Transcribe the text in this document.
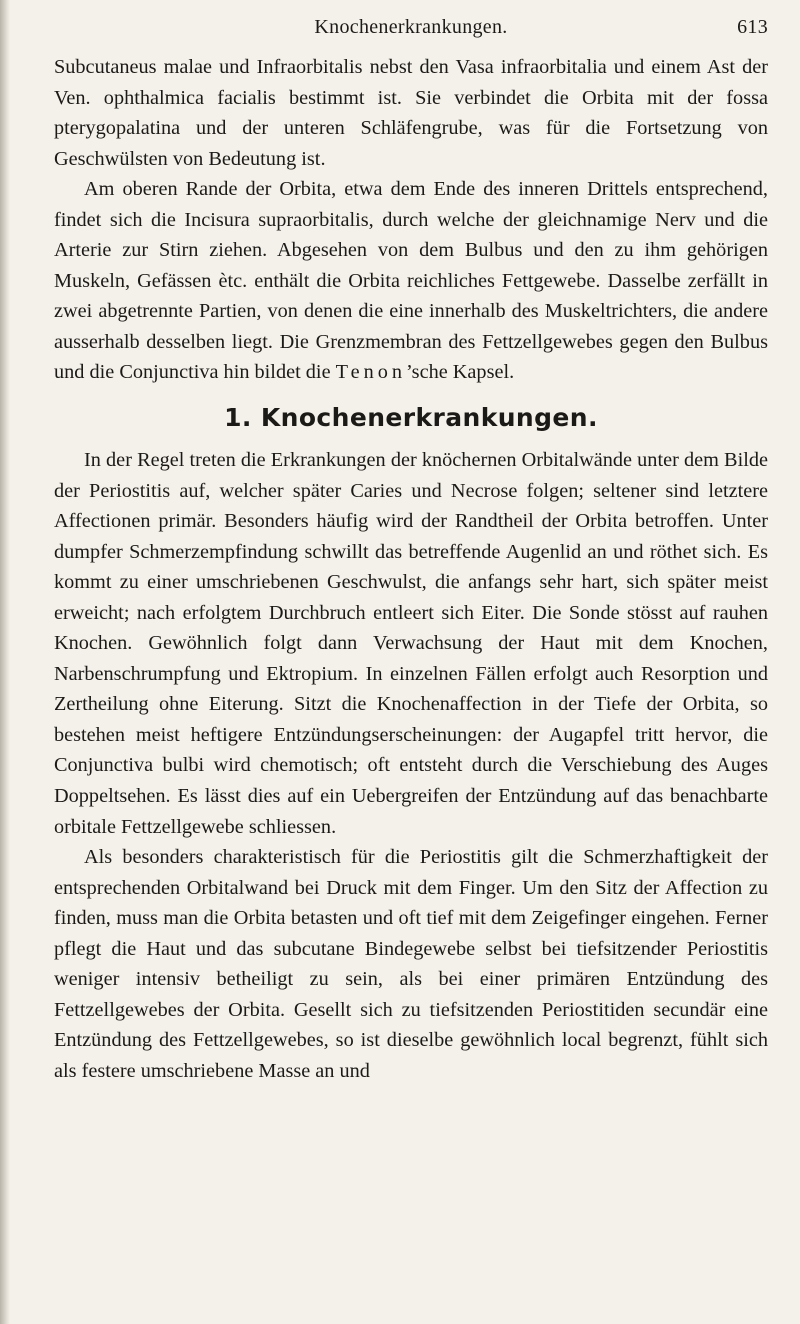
Knochenerkrankungen.	613

Subcutaneus malae und Infraorbitalis nebst den Vasa infraorbitalia und einem Ast der Ven. ophthalmica facialis bestimmt ist. Sie verbindet die Orbita mit der fossa pterygopalatina und der unteren Schläfengrube, was für die Fortsetzung von Geschwülsten von Bedeutung ist.

Am oberen Rande der Orbita, etwa dem Ende des inneren Drittels entsprechend, findet sich die Incisura supraorbitalis, durch welche der gleichnamige Nerv und die Arterie zur Stirn ziehen. Abgesehen von dem Bulbus und den zu ihm gehörigen Muskeln, Gefässen ètc. enthält die Orbita reichliches Fettgewebe. Dasselbe zerfällt in zwei abgetrennte Partien, von denen die eine innerhalb des Muskeltrichters, die andere ausserhalb desselben liegt. Die Grenzmembran des Fettzellgewebes gegen den Bulbus und die Conjunctiva hin bildet die Tenon’sche Kapsel.

1. Knochenerkrankungen.

In der Regel treten die Erkrankungen der knöchernen Orbitalwände unter dem Bilde der Periostitis auf, welcher später Caries und Necrose folgen; seltener sind letztere Affectionen primär. Besonders häufig wird der Randtheil der Orbita betroffen. Unter dumpfer Schmerzempfindung schwillt das betreffende Augenlid an und röthet sich. Es kommt zu einer umschriebenen Geschwulst, die anfangs sehr hart, sich später meist erweicht; nach erfolgtem Durchbruch entleert sich Eiter. Die Sonde stösst auf rauhen Knochen. Gewöhnlich folgt dann Verwachsung der Haut mit dem Knochen, Narbenschrumpfung und Ektropium. In einzelnen Fällen erfolgt auch Resorption und Zertheilung ohne Eiterung. Sitzt die Knochenaffection in der Tiefe der Orbita, so bestehen meist heftigere Entzündungserscheinungen: der Augapfel tritt hervor, die Conjunctiva bulbi wird chemotisch; oft entsteht durch die Verschiebung des Auges Doppeltsehen. Es lässt dies auf ein Uebergreifen der Entzündung auf das benachbarte orbitale Fettzellgewebe schliessen.

Als besonders charakteristisch für die Periostitis gilt die Schmerzhaftigkeit der entsprechenden Orbitalwand bei Druck mit dem Finger. Um den Sitz der Affection zu finden, muss man die Orbita betasten und oft tief mit dem Zeigefinger eingehen. Ferner pflegt die Haut und das subcutane Bindegewebe selbst bei tiefsitzender Periostitis weniger intensiv betheiligt zu sein, als bei einer primären Entzündung des Fettzellgewebes der Orbita. Gesellt sich zu tiefsitzenden Periostitiden secundär eine Entzündung des Fettzellgewebes, so ist dieselbe gewöhnlich local begrenzt, fühlt sich als festere umschriebene Masse an und
